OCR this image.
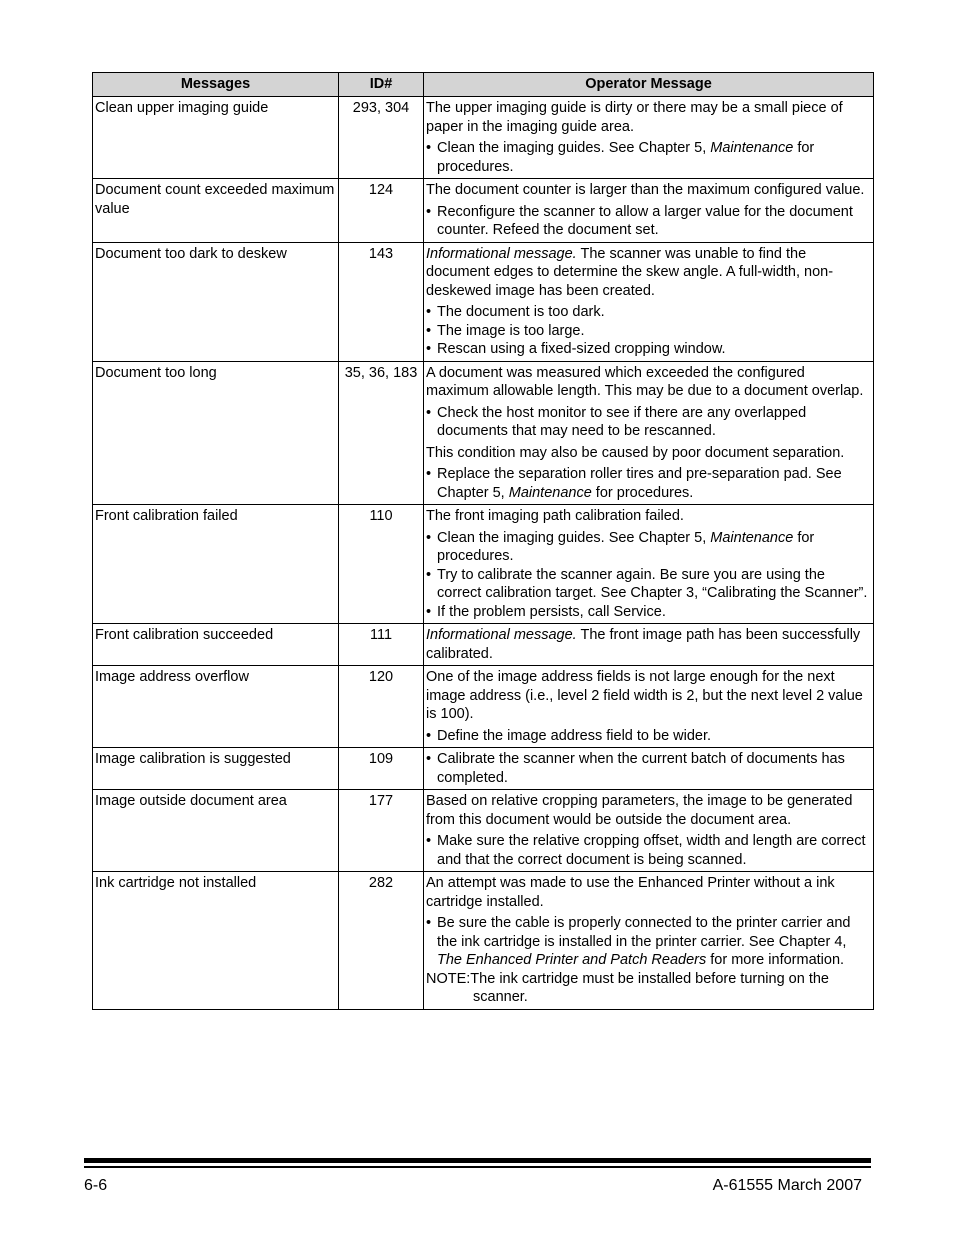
Messages	ID#	Operator Message
Clean upper imaging guide	293, 304	The upper imaging guide is dirty or there may be a small piece of paper in the imaging guide area.
• Clean the imaging guides. See Chapter 5, Maintenance for procedures.

Document count exceeded maximum value	124	The document counter is larger than the maximum configured value.
• Reconfigure the scanner to allow a larger value for the document counter. Refeed the document set.

Document too dark to deskew	143	Informational message. The scanner was unable to find the document edges to determine the skew angle. A full-width, non-deskewed image has been created.
• The document is too dark.
• The image is too large.
• Rescan using a fixed-sized cropping window.

Document too long	35, 36, 183	A document was measured which exceeded the configured maximum allowable length. This may be due to a document overlap.
• Check the host monitor to see if there are any overlapped documents that may need to be rescanned.
This condition may also be caused by poor document separation.
• Replace the separation roller tires and pre-separation pad. See Chapter 5, Maintenance for procedures.

Front calibration failed	110	The front imaging path calibration failed.
• Clean the imaging guides. See Chapter 5, Maintenance for procedures.
• Try to calibrate the scanner again. Be sure you are using the correct calibration target. See Chapter 3, “Calibrating the Scanner”.
• If the problem persists, call Service.

Front calibration succeeded	111	Informational message. The front image path has been successfully calibrated.

Image address overflow	120	One of the image address fields is not large enough for the next image address (i.e., level 2 field width is 2, but the next level 2 value is 100).
• Define the image address field to be wider.

Image calibration is suggested	109	• Calibrate the scanner when the current batch of documents has completed.

Image outside document area	177	Based on relative cropping parameters, the image to be generated from this document would be outside the document area.
• Make sure the relative cropping offset, width and length are correct and that the correct document is being scanned.

Ink cartridge not installed	282	An attempt was made to use the Enhanced Printer without a ink cartridge installed.
• Be sure the cable is properly connected to the printer carrier and the ink cartridge is installed in the printer carrier. See Chapter 4, The Enhanced Printer and Patch Readers for more information.
NOTE:The ink cartridge must be installed before turning on the scanner.
6-6	A-61555 March 2007
